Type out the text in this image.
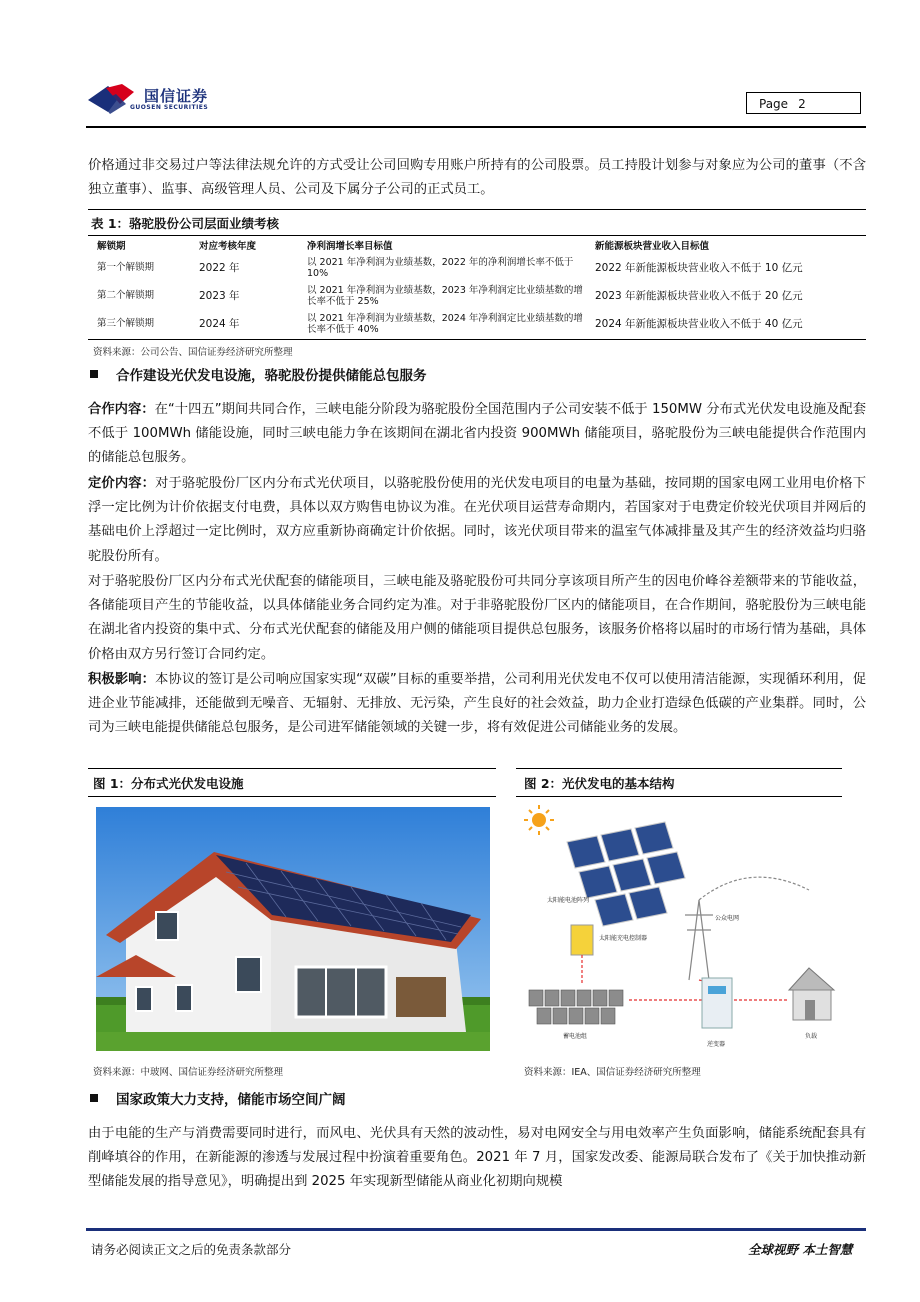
国信证券
GUOSEN SECURITIES	Page 2
价格通过非交易过户等法律法规允许的方式受让公司回购专用账户所持有的公司股票。员工持股计划参与对象应为公司的董事（不含独立董事）、监事、高级管理人员、公司及下属分子公司的正式员工。
表 1：骆驼股份公司层面业绩考核
解锁期	对应考核年度	净利润增长率目标值	新能源板块营业收入目标值
第一个解锁期	2022 年	以 2021 年净利润为业绩基数，2022 年的净利润增长率不低于 10%	2022 年新能源板块营业收入不低于 10 亿元
第二个解锁期	2023 年	以 2021 年净利润为业绩基数，2023 年净利润定比业绩基数的增长率不低于 25%	2023 年新能源板块营业收入不低于 20 亿元
第三个解锁期	2024 年	以 2021 年净利润为业绩基数，2024 年净利润定比业绩基数的增长率不低于 40%	2024 年新能源板块营业收入不低于 40 亿元
资料来源：公司公告、国信证券经济研究所整理
合作建设光伏发电设施，骆驼股份提供储能总包服务
合作内容：在“十四五”期间共同合作，三峡电能分阶段为骆驼股份全国范围内子公司安装不低于 150MW 分布式光伏发电设施及配套不低于 100MWh 储能设施，同时三峡电能力争在该期间在湖北省内投资 900MWh 储能项目，骆驼股份为三峡电能提供合作范围内的储能总包服务。
定价内容：对于骆驼股份厂区内分布式光伏项目，以骆驼股份使用的光伏发电项目的电量为基础，按同期的国家电网工业用电价格下浮一定比例为计价依据支付电费，具体以双方购售电协议为准。在光伏项目运营寿命期内，若国家对于电费定价较光伏项目并网后的基础电价上浮超过一定比例时，双方应重新协商确定计价依据。同时，该光伏项目带来的温室气体减排量及其产生的经济效益均归骆驼股份所有。
对于骆驼股份厂区内分布式光伏配套的储能项目，三峡电能及骆驼股份可共同分享该项目所产生的因电价峰谷差额带来的节能收益，各储能项目产生的节能收益，以具体储能业务合同约定为准。对于非骆驼股份厂区内的储能项目，在合作期间，骆驼股份为三峡电能在湖北省内投资的集中式、分布式光伏配套的储能及用户侧的储能项目提供总包服务，该服务价格将以届时的市场行情为基础，具体价格由双方另行签订合同约定。
积极影响：本协议的签订是公司响应国家实现“双碳”目标的重要举措，公司利用光伏发电不仅可以使用清洁能源，实现循环利用，促进企业节能减排，还能做到无噪音、无辐射、无排放、无污染，产生良好的社会效益，助力企业打造绿色低碳的产业集群。同时，公司为三峡电能提供储能总包服务，是公司进军储能领域的关键一步，将有效促进公司储能业务的发展。
图 1：分布式光伏发电设施
资料来源：中玻网、国信证券经济研究所整理
图 2：光伏发电的基本结构
太阳能电池阵列
太阳能充电控制器
公众电网
蓄电池组
逆变器
负载
资料来源：IEA、国信证券经济研究所整理
国家政策大力支持，储能市场空间广阔
由于电能的生产与消费需要同时进行，而风电、光伏具有天然的波动性，易对电网安全与用电效率产生负面影响，储能系统配套具有削峰填谷的作用，在新能源的渗透与发展过程中扮演着重要角色。2021 年 7 月，国家发改委、能源局联合发布了《关于加快推动新型储能发展的指导意见》，明确提出到 2025 年实现新型储能从商业化初期向规模
请务必阅读正文之后的免责条款部分	全球视野 本土智慧
